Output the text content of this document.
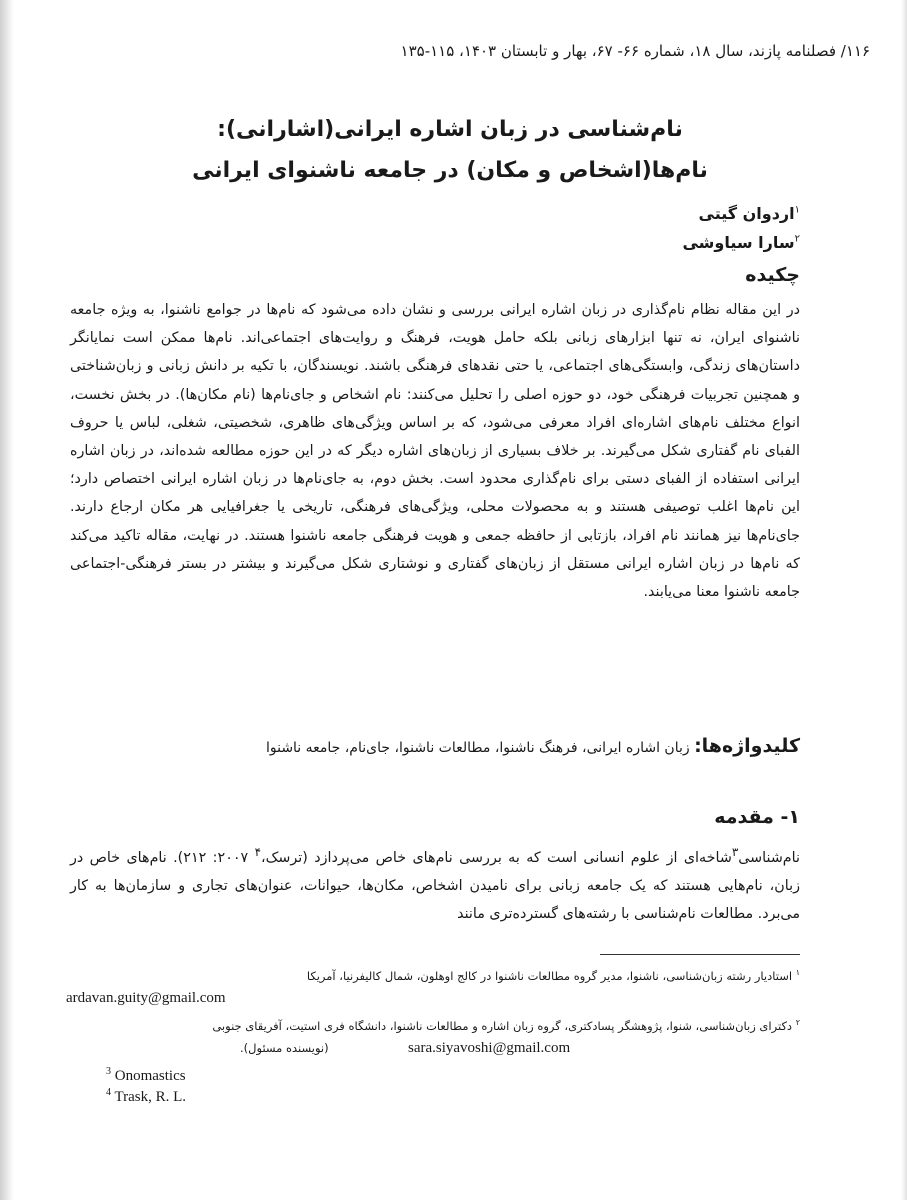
۱۱۶/ فصلنامه پازند، سال ۱۸، شماره ۶۶- ۶۷، بهار و تابستان ۱۴۰۳، ۱۱۵-۱۳۵
نام‌شناسی در زبان اشاره ایرانی(اشارانی):
نام‌ها(اشخاص و مکان) در جامعه ناشنوای ایرانی
$^۱$اردوان گیتی
$^۲$سارا سیاوشی
چکیده
در این مقاله نظام نام‌گذاری در زبان اشاره ایرانی بررسی و نشان داده می‌شود که نام‌ها در جوامع ناشنوا، به ویژه جامعه ناشنوای ایران، نه تنها ابزارهای زبانی بلکه حامل هویت، فرهنگ و روایت‌های اجتماعی‌اند. نام‌ها ممکن است نمایانگر داستان‌های زندگی، وابستگی‌های اجتماعی، یا حتی نقدهای فرهنگی باشند. نویسندگان، با تکیه بر دانش زبانی و زبان‌شناختی و همچنین تجربیات فرهنگی خود، دو حوزه اصلی را تحلیل می‌کنند: نام اشخاص و جای‌نام‌ها (نام مکان‌ها). در بخش نخست، انواع مختلف نام‌های اشاره‌ای افراد معرفی می‌شود، که بر اساس ویژگی‌های ظاهری، شخصیتی، شغلی، لباس یا حروف الفبای نام گفتاری شکل می‌گیرند. بر خلاف بسیاری از زبان‌های اشاره دیگر که در این حوزه مطالعه شده‌اند، در زبان اشاره ایرانی استفاده از الفبای دستی برای نام‌گذاری محدود است. بخش دوم، به جای‌نام‌ها در زبان اشاره ایرانی اختصاص دارد؛ این نام‌ها اغلب توصیفی هستند و به محصولات محلی، ویژگی‌های فرهنگی، تاریخی یا جغرافیایی هر مکان ارجاع دارند. جای‌نام‌ها نیز همانند نام افراد، بازتابی از حافظه جمعی و هویت فرهنگی جامعه ناشنوا هستند. در نهایت، مقاله تاکید می‌کند که نام‌ها در زبان اشاره ایرانی مستقل از زبان‌های گفتاری و نوشتاری شکل می‌گیرند و بیشتر در بستر فرهنگی-اجتماعی جامعه ناشنوا معنا می‌یابند.
کلیدواژه‌ها: زبان اشاره ایرانی، فرهنگ ناشنوا، مطالعات ناشنوا، جای‌نام، جامعه ناشنوا
۱- مقدمه
نام‌شناسی$^۳$شاخه‌ای از علوم انسانی است که به بررسی نام‌های خاص می‌پردازد (ترسک،$^۴$ ۲۰۰۷: ۲۱۲). نام‌های خاص در زبان، نام‌هایی هستند که یک جامعه زبانی برای نامیدن اشخاص، مکان‌ها، حیوانات، عنوان‌های تجاری و سازمان‌ها به کار می‌برد. مطالعات نام‌شناسی با رشته‌های گسترده‌تری مانند
$^۱$ استادیار رشته زبان‌شناسی، ناشنوا، مدیر گروه مطالعات ناشنوا در کالج اوهلون، شمال کالیفرنیا، آمریکا
$^۲$ دکترای زبان‌شناسی، شنوا، پژوهشگر پسادکتری، گروه زبان اشاره و مطالعات ناشنوا، دانشگاه فری استیت، آفریقای جنوبی
ardavan.guity@gmail.com
sara.siyavoshi@gmail.com
(نویسنده مسئول).
$^3$ Onomastics
$^4$ Trask, R. L.
